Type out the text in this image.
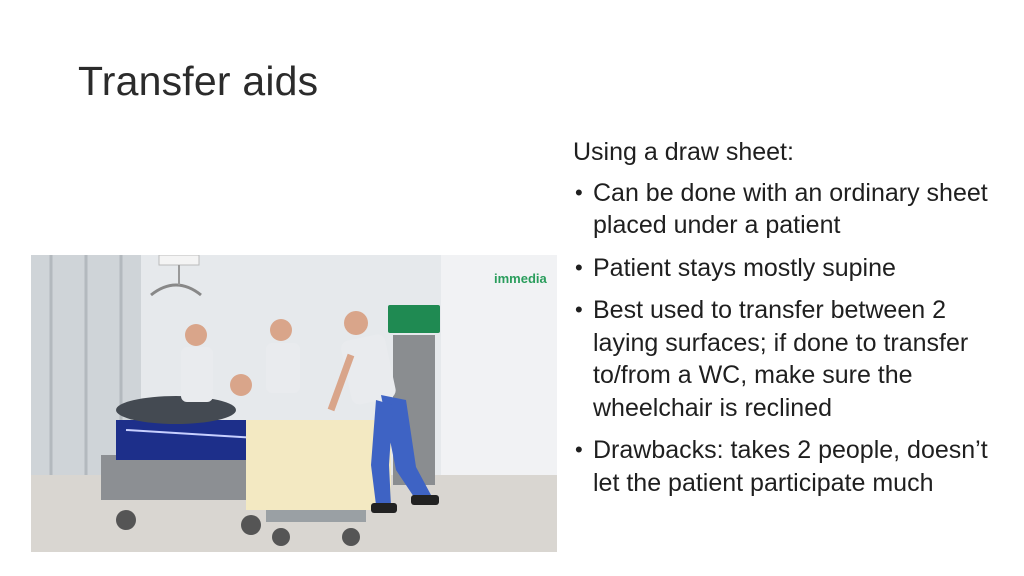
Transfer aids
immedia
Using a draw sheet:
• Can be done with an ordinary sheet placed under a patient
• Patient stays mostly supine
• Best used to transfer between 2 laying surfaces; if done to transfer to/from a WC, make sure the wheelchair is reclined
• Drawbacks: takes 2 people, doesn’t let the patient participate much
